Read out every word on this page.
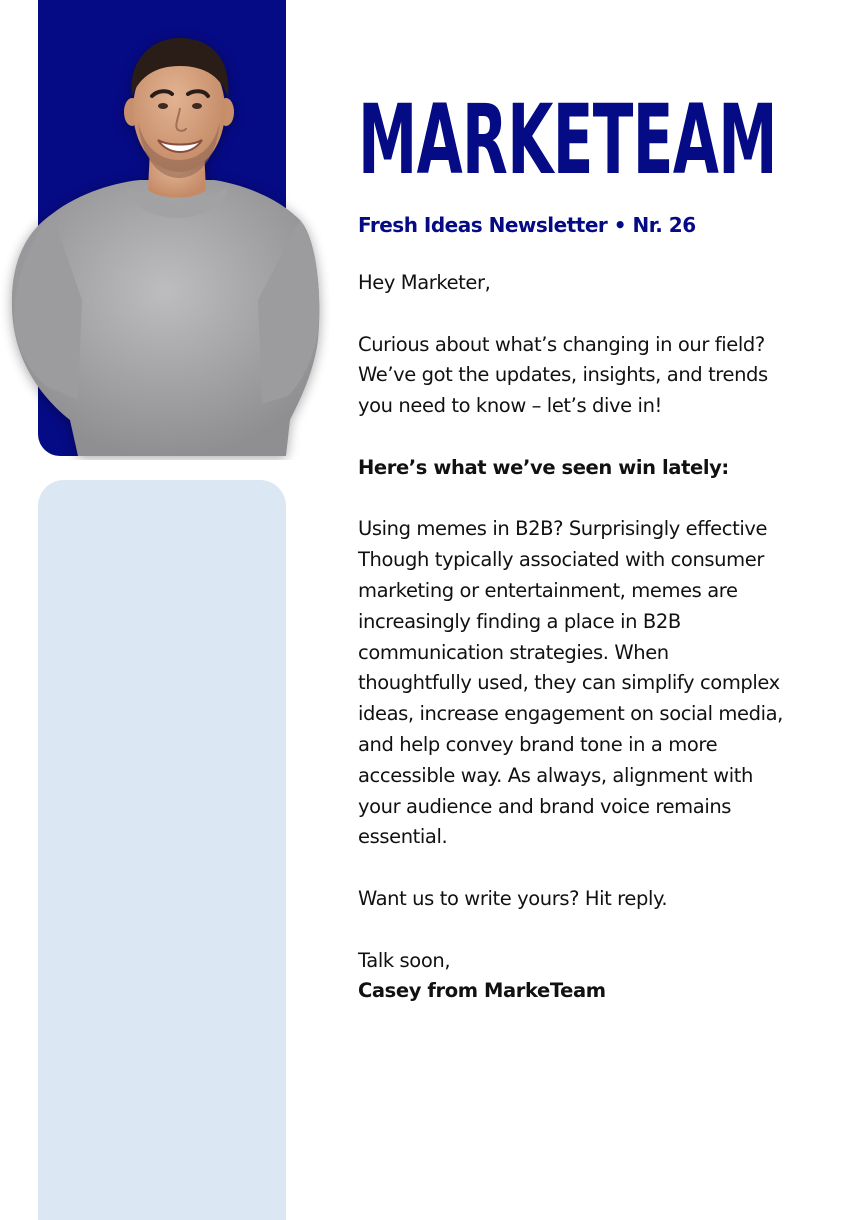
MARKETEAM
Fresh Ideas Newsletter • Nr. 26

Hey Marketer,

Curious about what’s changing in our field? We’ve got the updates, insights, and trends you need to know – let’s dive in!

Here’s what we’ve seen win lately:

Using memes in B2B? Surprisingly effective

Though typically associated with consumer marketing or entertainment, memes are increasingly finding a place in B2B communication strategies. When thoughtfully used, they can simplify complex ideas, increase engagement on social media, and help convey brand tone in a more accessible way. As always, alignment with your audience and brand voice remains essential.

Want us to write yours? Hit reply.

Talk soon,

Casey from MarkeTeam
